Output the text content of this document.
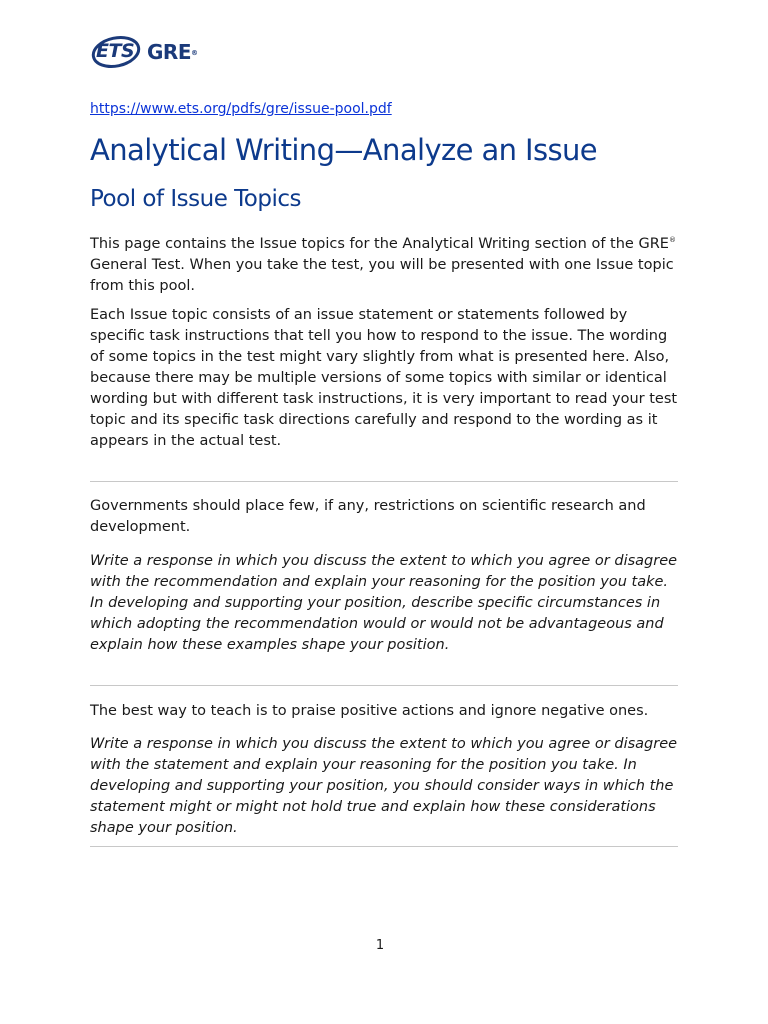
ETS GRE®
https://www.ets.org/pdfs/gre/issue-pool.pdf
Analytical Writing—Analyze an Issue
Pool of Issue Topics

This page contains the Issue topics for the Analytical Writing section of the GRE® General Test. When you take the test, you will be presented with one Issue topic from this pool.

Each Issue topic consists of an issue statement or statements followed by specific task instructions that tell you how to respond to the issue. The wording of some topics in the test might vary slightly from what is presented here. Also, because there may be multiple versions of some topics with similar or identical wording but with different task instructions, it is very important to read your test topic and its specific task directions carefully and respond to the wording as it appears in the actual test.

Governments should place few, if any, restrictions on scientific research and development.

Write a response in which you discuss the extent to which you agree or disagree with the recommendation and explain your reasoning for the position you take. In developing and supporting your position, describe specific circumstances in which adopting the recommendation would or would not be advantageous and explain how these examples shape your position.

The best way to teach is to praise positive actions and ignore negative ones.

Write a response in which you discuss the extent to which you agree or disagree with the statement and explain your reasoning for the position you take. In developing and supporting your position, you should consider ways in which the statement might or might not hold true and explain how these considerations shape your position.

1
